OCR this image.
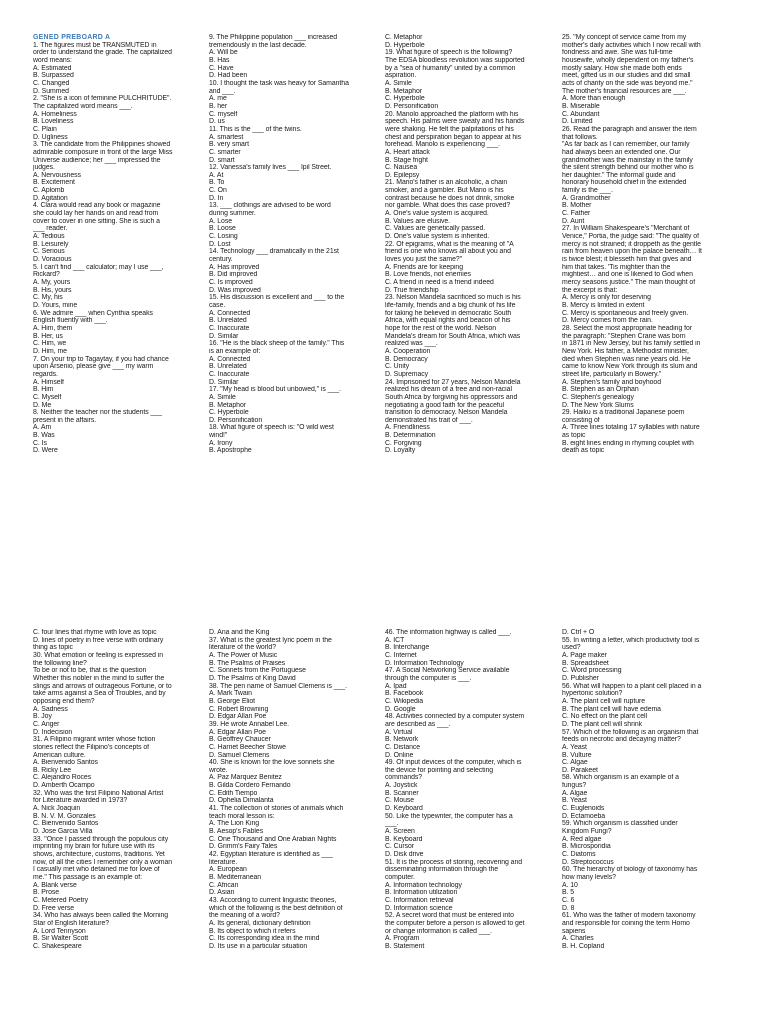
GENED PREBOARD A
1. The figures must be TRANSMUTED in
order to understand the grade. The capitalized
word means:
A. Estimated
B. Surpassed
C. Changed
D. Summed
2. "She is a icon of feminine PULCHRITUDE".
The capitalized word means ___.
A. Homeliness
B. Loveliness
C. Plain
D. Ugliness
3. The candidate from the Philippines showed
admirable composure in front of the large Miss
Universe audience; her ___ impressed the
judges.
A. Nervousness
B. Excitement
C. Aplomb
D. Agitation
4. Clara would read any book or magazine
she could lay her hands on and read from
cover to cover in one sitting. She is such a
___ reader.
A. Tedious
B. Leisurely
C. Serious
D. Voracious
5. I can't find ___ calculator; may I use ___,
Rickard?
A. My, yours
B. His, yours
C. My, his
D. Yours, mine
6. We admire ___ when Cynthia speaks
English fluently with ___.
A. Him, them
B. Her, us
C. Him, we
D. Him, me
7. On your trip to Tagaytay, if you had chance
upon Arsenio, please give ___ my warm
regards.
A. Himself
B. Him
C. Myself
D. Me
8. Neither the teacher nor the students ___
present in the affairs.
A. Am
B. Was
C. Is
D. Were
9. The Philippine population ___ increased
tremendously in the last decade.
A. Will be
B. Has
C. Have
D. Had been
10. I thought the task was heavy for Samantha
and ___.
A. me
B. her
C. myself
D. us
11. This is the ___ of the twins.
A. smartest
B. very smart
C. smarter
D. smart
12. Vanessa's family lives ___ Ipil Street.
A. At
B. To
C. On
D. In
13. ___ clothings are advised to be word
during summer.
A. Lose
B. Loose
C. Losing
D. Lost
14. Technology ___ dramatically in the 21st
century.
A. Has improved
B. Did improved
C. Is improved
D. Was improved
15. His discussion is excellent and ___ to the
case.
A. Connected
B. Unrelated
C. Inaccurate
D. Similar
16. "He is the black sheep of the family." This
is an example of:
A. Connected
B. Unrelated
C. Inaccurate
D. Similar
17. "My head is blood but unbowed," is ___.
A. Simile
B. Metaphor
C. Hyperbole
D. Personification
18. What figure of speech is: "O wild west
wind!"
A. Irony
B. Apostrophe
C. Metaphor
D. Hyperbole
19. What figure of speech is the following?
The EDSA bloodless revolution was supported
by a "sea of humanity" united by a common
aspiration.
A. Simile
B. Metaphor
C. Hyperbole
D. Personification
20. Manolo approached the platform with his
speech. His palms were sweaty and his hands
were shaking. He felt the palpitations of his
chest and perspiration began to appear at his
forehead. Manolo is experiencing ___.
A. Heart attack
B. Stage fright
C. Nausea
D. Epilepsy
21. Mario's father is an alcoholic, a chain
smoker, and a gambler. But Mario is his
contrast because he does not drink, smoke
nor gamble. What does this case proved?
A. One's value system is acquired.
B. Values are elusive.
C. Values are genetically passed.
D. One's value system is inherited.
22. Of epigrams, what is the meaning of "A
friend is one who knows all about you and
loves you just the same?"
A. Friends are for keeping
B. Love friends, not enemies
C. A friend in need is a friend indeed
D. True friendship
23. Nelson Mandela sacrificed so much is his
life-family, friends and a big chunk of his life
for taking he believed in democratic South
Africa, with equal rights and beacon of his
hope for the rest of the world. Nelson
Mandela's dream for South Africa, which was
realized was ___.
A. Cooperation
B. Democracy
C. Unity
D. Supremacy
24. Imprisoned for 27 years, Nelson Mandela
realized his dream of a free and non-racial
South Africa by forgiving his oppressors and
negotiating a good faith for the peaceful
transition to democracy. Nelson Mandela
demonstrated his trait of ___.
A. Friendliness
B. Determination
C. Forgiving
D. Loyalty
25. "My concept of service came from my
mother's daily activities which I now recall with
fondness and awe. She was full-time
housewife, wholly dependent on my father's
mostly salary. How she made both ends
meet, gifted us in our studies and did small
acts of charity on the side was beyond me."
The mother's financial resources are ___.
A. More than enough
B. Miserable
C. Abundant
D. Limited
26. Read the paragraph and answer the item
that follows.
"As far back as I can remember, our family
had always been an extended one. Our
grandmother was the mainstay in the family
the silent strength behind our mother who is
her daughter." The informal guide and
honorary household chief in the extended
family is the ___.
A. Grandmother
B. Mother
C. Father
D. Aunt
27. In William Shakespeare's "Merchant of
Venice," Portia, the judge said: "The quality of
mercy is not strained; it droppeth as the gentle
rain from heaven upon the palace beneath… It
is twice blest; it blesseth him that gives and
him that takes. 'Tis mightier than the
mightiest… and one is likened to God when
mercy seasons justice." The main thought of
the excerpt is that:
A. Mercy is only for deserving
B. Mercy is limited in extent
C. Mercy is spontaneous and freely given.
D. Mercy comes from the rain.
28. Select the most appropriate heading for
the paragraph: "Stephen Crane was born
in 1871 in New Jersey, but his family settled in
New York. His father, a Methodist minister,
died when Stephen was nine years old. He
came to know New York through its slum and
street life, particularly in Bowery."
A. Stephen's family and boyhood
B. Stephen as an Orphan
C. Stephen's genealogy
D. The New York Slums
29. Haiku is a traditional Japanese poem
consisting of
A. Three lines totaling 17 syllables with nature
as topic
B. eight lines ending in rhyming couplet with
death as topic
C. four lines that rhyme with love as topic
D. lines of poetry in free verse with ordinary
thing as topic
30. What emotion or feeling is expressed in
the following line?
To be or not to be, that is the question
Whether this nobler in the mind to suffer the
slings and arrows of outrageous Fortune, or to
take arms against a Sea of Troubles, and by
opposing end them?
A. Sadness
B. Joy
C. Anger
D. Indecision
31. A Filipino migrant writer whose fiction
stories reflect the Filipino's concepts of
American culture.
A. Bienvenido Santos
B. Ricky Lee
C. Alejandro Roces
D. Amberth Ocampo
32. Who was the first Filipino National Artist
for Literature awarded in 1973?
A. Nick Joaquin
B. N. V. M. Gonzales
C. Bienvenido Santos
D. Jose Garcia Villa
33. "Once I passed through the populous city
imprinting my brain for future use with its
shows, architecture, customs, traditions. Yet
now, of all the cities I remember only a woman
I casually met who detained me for love of
me." This passage is an example of:
A. Blank verse
B. Prose
C. Metered Poetry
D. Free verse
34. Who has always been called the Morning
Star of English literature?
A. Lord Tennyson
B. Sir Walter Scott
C. Shakespeare
D. Ana and the King
37. What is the greatest lyric poem in the
literature of the world?
A. The Power of Music
B. The Psalms of Praises
C. Sonnets from the Portuguese
D. The Psalms of King David
38. The pen name of Samuel Clemens is ___.
A. Mark Twain
B. George Eliot
C. Robert Browning
D. Edgar Allan Poe
39. He wrote Annabel Lee.
A. Edgar Allan Poe
B. Geoffrey Chaucer
C. Harriet Beecher Stowe
D. Samuel Clemens
40. She is known for the love sonnets she
wrote.
A. Paz Marquez Benitez
B. Gilda Cordero Fernando
C. Edith Tiempo
D. Ophelia Dimalanta
41. The collection of stories of animals which
teach moral lesson is:
A. The Lion King
B. Aesop's Fables
C. One Thousand and One Arabian Nights
D. Grimm's Fairy Tales
42. Egyptian literature is identified as ___
literature.
A. European
B. Mediterranean
C. African
D. Asian
43. According to current linguistic theories,
which of the following is the best definition of
the meaning of a word?
A. Its general, dictionary definition
B. Its object to which it refers
C. Its corresponding idea in the mind
D. Its use in a particular situation
46. The information highway is called ___.
A. ICT
B. Interchange
C. Internet
D. Information Technology
47. A Social Networking Service available
through the computer is ___.
A. Ipad
B. Facebook
C. Wikipedia
D. Google
48. Activities connected by a computer system
are described as ___.
A. Virtual
B. Network
C. Distance
D. Online
49. Of input devices of the computer, which is
the device for pointing and selecting
commands?
A. Joystick
B. Scanner
C. Mouse
D. Keyboard
50. Like the typewriter, the computer has a
___.
A. Screen
B. Keyboard
C. Cursor
D. Disk drive
51. It is the process of storing, recovering and
disseminating information through the
computer.
A. Information technology
B. Information utilization
C. Information retrieval
D. Information science
52. A secret word that must be entered into
the computer before a person is allowed to get
or change information is called ___.
A. Program
B. Statement
D. Ctrl + O
55. In writing a letter, which productivity tool is
used?
A. Page maker
B. Spreadsheet
C. Word processing
D. Publisher
56. What will happen to a plant cell placed in a
hypertonic solution?
A. The plant cell will rupture
B. The plant cell will have edema
C. No effect on the plant cell
D. The plant cell will shrink
57. Which of the following is an organism that
feeds on necrotic and decaying matter?
A. Yeast
B. Vulture
C. Algae
D. Parakeet
58. Which organism is an example of a
fungus?
A. Algae
B. Yeast
C. Euglenoids
D. Ectamoeba
59. Which organism is classified under
Kingdom Fungi?
A. Red algae
B. Microsporidia
C. Diatoms
D. Streptococcus
60. The hierarchy of biology of taxonomy has
how many levels?
A. 10
B. 5
C. 6
D. 8
61. Who was the father of modern taxonomy
and responsible for coining the term Homo
sapiens
A. Charles
B. H. Copland
